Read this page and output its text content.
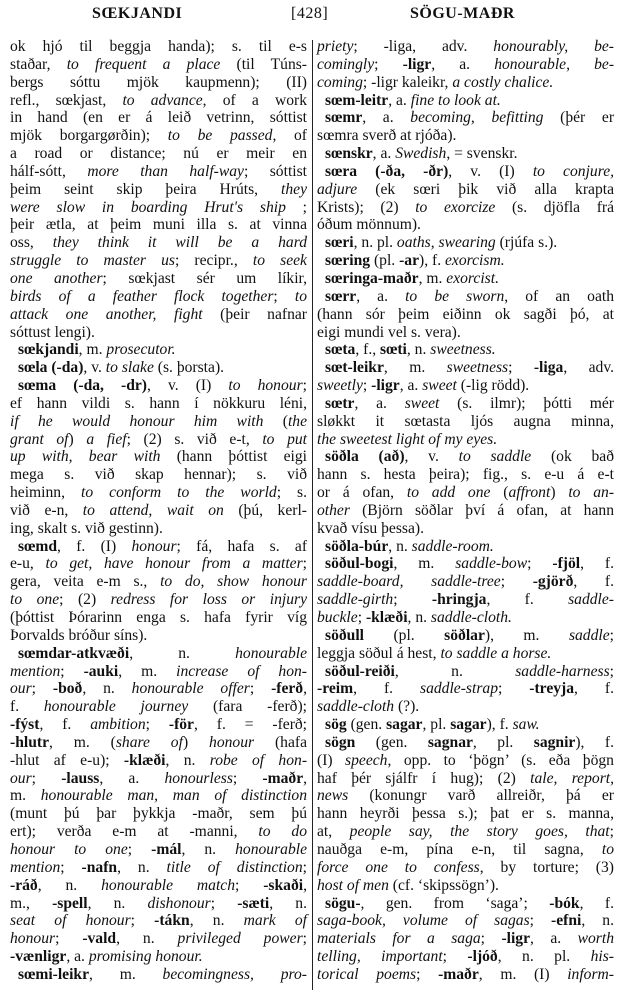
SŒKJANDI	[428]	SÖGU-MAÐR
ok hjó til beggja handa); s. til e-s
staðar, to frequent a place (til Túns-
bergs sóttu mjök kaupmenn); (II)
refl., sœkjast, to advance, of a work
in hand (en er á leið vetrinn, sóttist
mjök borgargørðin); to be passed, of
a road or distance; nú er meir en
hálf-sótt, more than half-way; sóttist
þeim seint skip þeira Hrúts, they
were slow in boarding Hrut's ship ;
þeir ætla, at þeim muni illa s. at vinna
oss, they think it will be a hard
struggle to master us; recipr., to seek
one another; sœkjast sér um líkir,
birds of a feather flock together; to
attack one another, fight (þeir nafnar
sóttust lengi).
sœkjandi, m. prosecutor.
sœla (-da), v. to slake (s. þorsta).
sœma (-da, -dr), v. (I) to honour;
ef hann vildi s. hann í nökkuru léni,
if he would honour him with (the
grant of) a fief; (2) s. við e-t, to put
up with, bear with (hann þóttist eigi
mega s. við skap hennar); s. við
heiminn, to conform to the world; s.
við e-n, to attend, wait on (þú, kerl-
ing, skalt s. við gestinn).
sœmd, f. (I) honour; fá, hafa s. af
e-u, to get, have honour from a matter;
gera, veita e-m s., to do, show honour
to one; (2) redress for loss or injury
(þóttist Þórarinn enga s. hafa fyrir víg
Þorvalds bróður síns).
sœmdar-atkvæði, n. honourable
mention; -auki, m. increase of hon-
our; -boð, n. honourable offer; -ferð,
f. honourable journey (fara -ferð);
-fýst, f. ambition; -för, f. = -ferð;
-hlutr, m. (share of) honour (hafa
-hlut af e-u); -klæði, n. robe of hon-
our; -lauss, a. honourless; -maðr,
m. honourable man, man of distinction
(munt þú þar þykkja -maðr, sem þú
ert); verða e-m at -manni, to do
honour to one; -mál, n. honourable
mention; -nafn, n. title of distinction;
-ráð, n. honourable match; -skaði,
m., -spell, n. dishonour; -sæti, n.
seat of honour; -tákn, n. mark of
honour; -vald, n. privileged power;
-vænligr, a. promising honour.
sœmi-leikr, m. becomingness, pro-
priety; -liga, adv. honourably, be-
comingly; -ligr, a. honourable, be-
coming; -ligr kaleikr, a costly chalice.
sœm-leitr, a. fine to look at.
sœmr, a. becoming, befitting (þér er
sœmra sverð at rjóða).
sœnskr, a. Swedish, = svenskr.
sœra (-ða, -ðr), v. (I) to conjure,
adjure (ek sœri þik við alla krapta
Krists); (2) to exorcize (s. djöfla frá
óðum mönnum).
sœri, n. pl. oaths, swearing (rjúfa s.).
sœring (pl. -ar), f. exorcism.
sœringa-maðr, m. exorcist.
sœrr, a. to be sworn, of an oath
(hann sór þeim eiðinn ok sagði þó, at
eigi mundi vel s. vera).
sœta, f., sœti, n. sweetness.
sœt-leikr, m. sweetness; -liga, adv.
sweetly; -ligr, a. sweet (-lig rödd).
sœtr, a. sweet (s. ilmr); þótti mér
sløkkt it sœtasta ljós augna minna,
the sweetest light of my eyes.
söðla (að), v. to saddle (ok bað
hann s. hesta þeira); fig., s. e-u á e-t
or á ofan, to add one (affront) to an-
other (Björn söðlar því á ofan, at hann
kvað vísu þessa).
söðla-búr, n. saddle-room.
söðul-bogi, m. saddle-bow; -fjöl, f.
saddle-board, saddle-tree; -gjörð, f.
saddle-girth; -hringja, f. saddle-
buckle; -klæði, n. saddle-cloth.
söðull (pl. söðlar), m. saddle;
leggja söðul á hest, to saddle a horse.
söðul-reiði, n. saddle-harness;
-reim, f. saddle-strap; -treyja, f.
saddle-cloth (?).
sög (gen. sagar, pl. sagar), f. saw.
sögn (gen. sagnar, pl. sagnir), f.
(I) speech, opp. to ‘þögn’ (s. eða þögn
haf þér sjálfr í hug); (2) tale, report,
news (konungr varð allreiðr, þá er
hann heyrði þessa s.); þat er s. manna,
at, people say, the story goes, that;
nauðga e-m, pína e-n, til sagna, to
force one to confess, by torture; (3)
host of men (cf. ‘skipssögn’).
sögu-, gen. from ‘saga’; -bók, f.
saga-book, volume of sagas; -efni, n.
materials for a saga; -ligr, a. worth
telling, important; -ljóð, n. pl. his-
torical poems; -maðr, m. (I) inform-
